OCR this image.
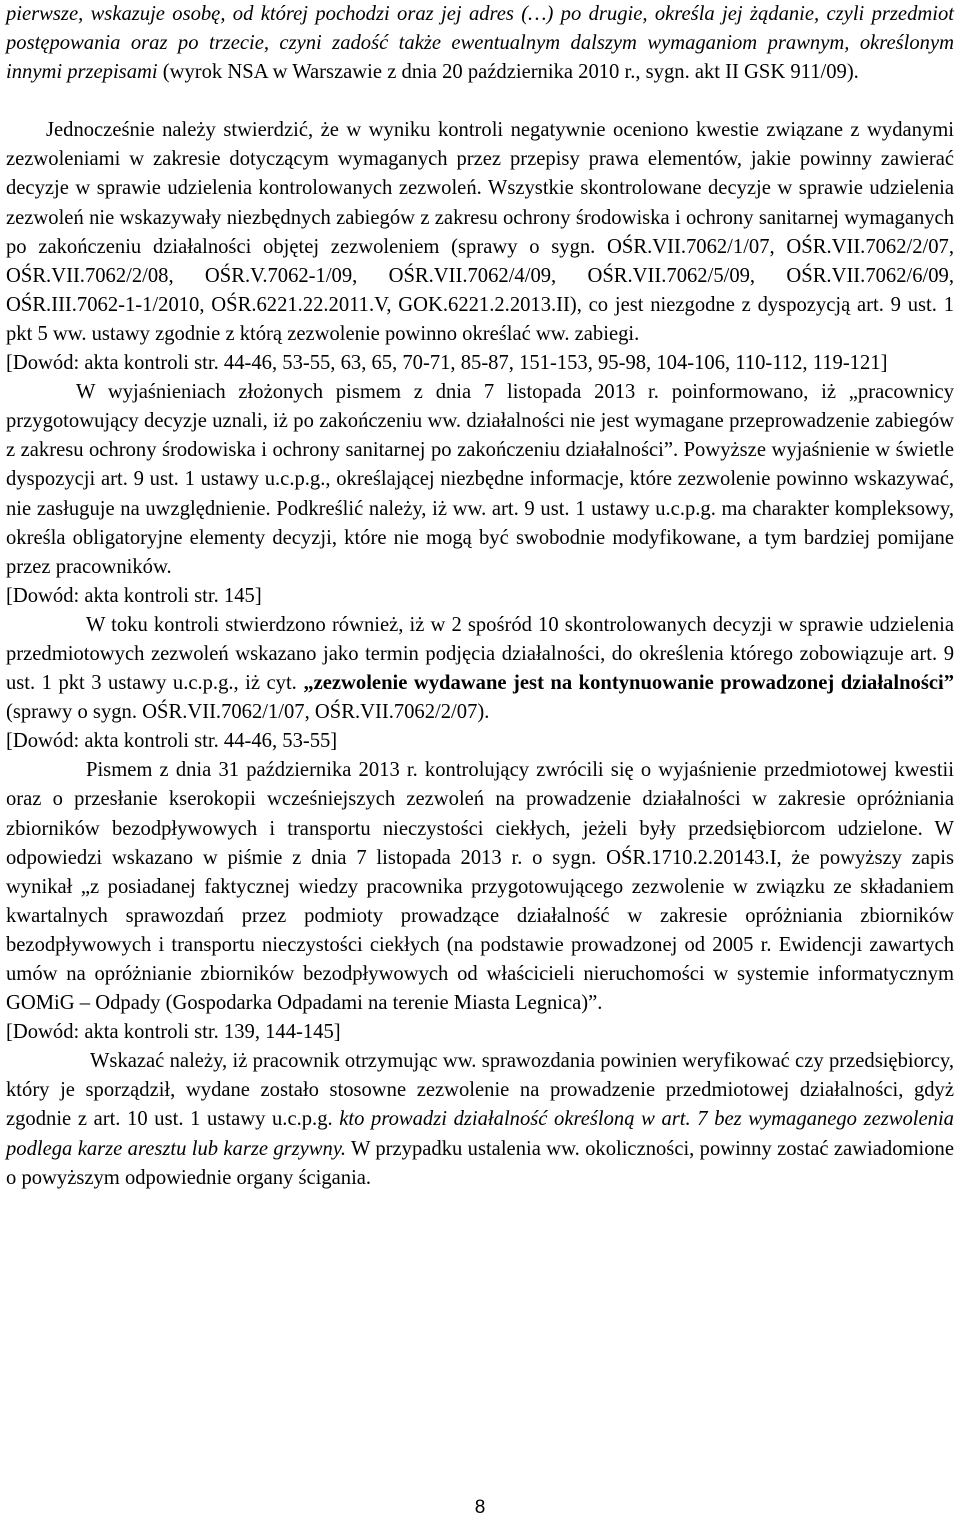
pierwsze, wskazuje osobę, od której pochodzi oraz jej adres (…) po drugie, określa jej żądanie, czyli przedmiot postępowania oraz po trzecie, czyni zadość także ewentualnym dalszym wymaganiom prawnym, określonym innymi przepisami (wyrok NSA w Warszawie z dnia 20 października 2010 r., sygn. akt II GSK 911/09).

Jednocześnie należy stwierdzić, że w wyniku kontroli negatywnie oceniono kwestie związane z wydanymi zezwoleniami w zakresie dotyczącym wymaganych przez przepisy prawa elementów, jakie powinny zawierać decyzje w sprawie udzielenia kontrolowanych zezwoleń. Wszystkie skontrolowane decyzje w sprawie udzielenia zezwoleń nie wskazywały niezbędnych zabiegów z zakresu ochrony środowiska i ochrony sanitarnej wymaganych po zakończeniu działalności objętej zezwoleniem (sprawy o sygn. OŚR.VII.7062/1/07, OŚR.VII.7062/2/07, OŚR.VII.7062/2/08, OŚR.V.7062-1/09, OŚR.VII.7062/4/09, OŚR.VII.7062/5/09, OŚR.VII.7062/6/09, OŚR.III.7062-1-1/2010, OŚR.6221.22.2011.V, GOK.6221.2.2013.II), co jest niezgodne z dyspozycją art. 9 ust. 1 pkt 5 ww. ustawy zgodnie z którą zezwolenie powinno określać ww. zabiegi.

[Dowód: akta kontroli str. 44-46, 53-55, 63, 65, 70-71, 85-87, 151-153, 95-98, 104-106, 110-112, 119-121]

W wyjaśnieniach złożonych pismem z dnia 7 listopada 2013 r. poinformowano, iż „pracownicy przygotowujący decyzje uznali, iż po zakończeniu ww. działalności nie jest wymagane przeprowadzenie zabiegów z zakresu ochrony środowiska i ochrony sanitarnej po zakończeniu działalności”. Powyższe wyjaśnienie w świetle dyspozycji art. 9 ust. 1 ustawy u.c.p.g., określającej niezbędne informacje, które zezwolenie powinno wskazywać, nie zasługuje na uwzględnienie. Podkreślić należy, iż ww. art. 9 ust. 1 ustawy u.c.p.g. ma charakter kompleksowy, określa obligatoryjne elementy decyzji, które nie mogą być swobodnie modyfikowane, a tym bardziej pomijane przez pracowników.

[Dowód: akta kontroli str. 145]

W toku kontroli stwierdzono również, iż w 2 spośród 10 skontrolowanych decyzji w sprawie udzielenia przedmiotowych zezwoleń wskazano jako termin podjęcia działalności, do określenia którego zobowiązuje art. 9 ust. 1 pkt 3 ustawy u.c.p.g., iż cyt. „zezwolenie wydawane jest na kontynuowanie prowadzonej działalności” (sprawy o sygn. OŚR.VII.7062/1/07, OŚR.VII.7062/2/07).

[Dowód: akta kontroli str. 44-46, 53-55]

Pismem z dnia 31 października 2013 r. kontrolujący zwrócili się o wyjaśnienie przedmiotowej kwestii oraz o przesłanie kserokopii wcześniejszych zezwoleń na prowadzenie działalności w zakresie opróżniania zbiorników bezodpływowych i transportu nieczystości ciekłych, jeżeli były przedsiębiorcom udzielone. W odpowiedzi wskazano w piśmie z dnia 7 listopada 2013 r. o sygn. OŚR.1710.2.20143.I, że powyższy zapis wynikał „z posiadanej faktycznej wiedzy pracownika przygotowującego zezwolenie w związku ze składaniem kwartalnych sprawozdań przez podmioty prowadzące działalność w zakresie opróżniania zbiorników bezodpływowych i transportu nieczystości ciekłych (na podstawie prowadzonej od 2005 r. Ewidencji zawartych umów na opróżnianie zbiorników bezodpływowych od właścicieli nieruchomości w systemie informatycznym GOMiG – Odpady (Gospodarka Odpadami na terenie Miasta Legnica)”.

[Dowód: akta kontroli str. 139, 144-145]

Wskazać należy, iż pracownik otrzymując ww. sprawozdania powinien weryfikować czy przedsiębiorcy, który je sporządził, wydane zostało stosowne zezwolenie na prowadzenie przedmiotowej działalności, gdyż zgodnie z art. 10 ust. 1 ustawy u.c.p.g. kto prowadzi działalność określoną w art. 7 bez wymaganego zezwolenia podlega karze aresztu lub karze grzywny. W przypadku ustalenia ww. okoliczności, powinny zostać zawiadomione o powyższym odpowiednie organy ścigania.

8
